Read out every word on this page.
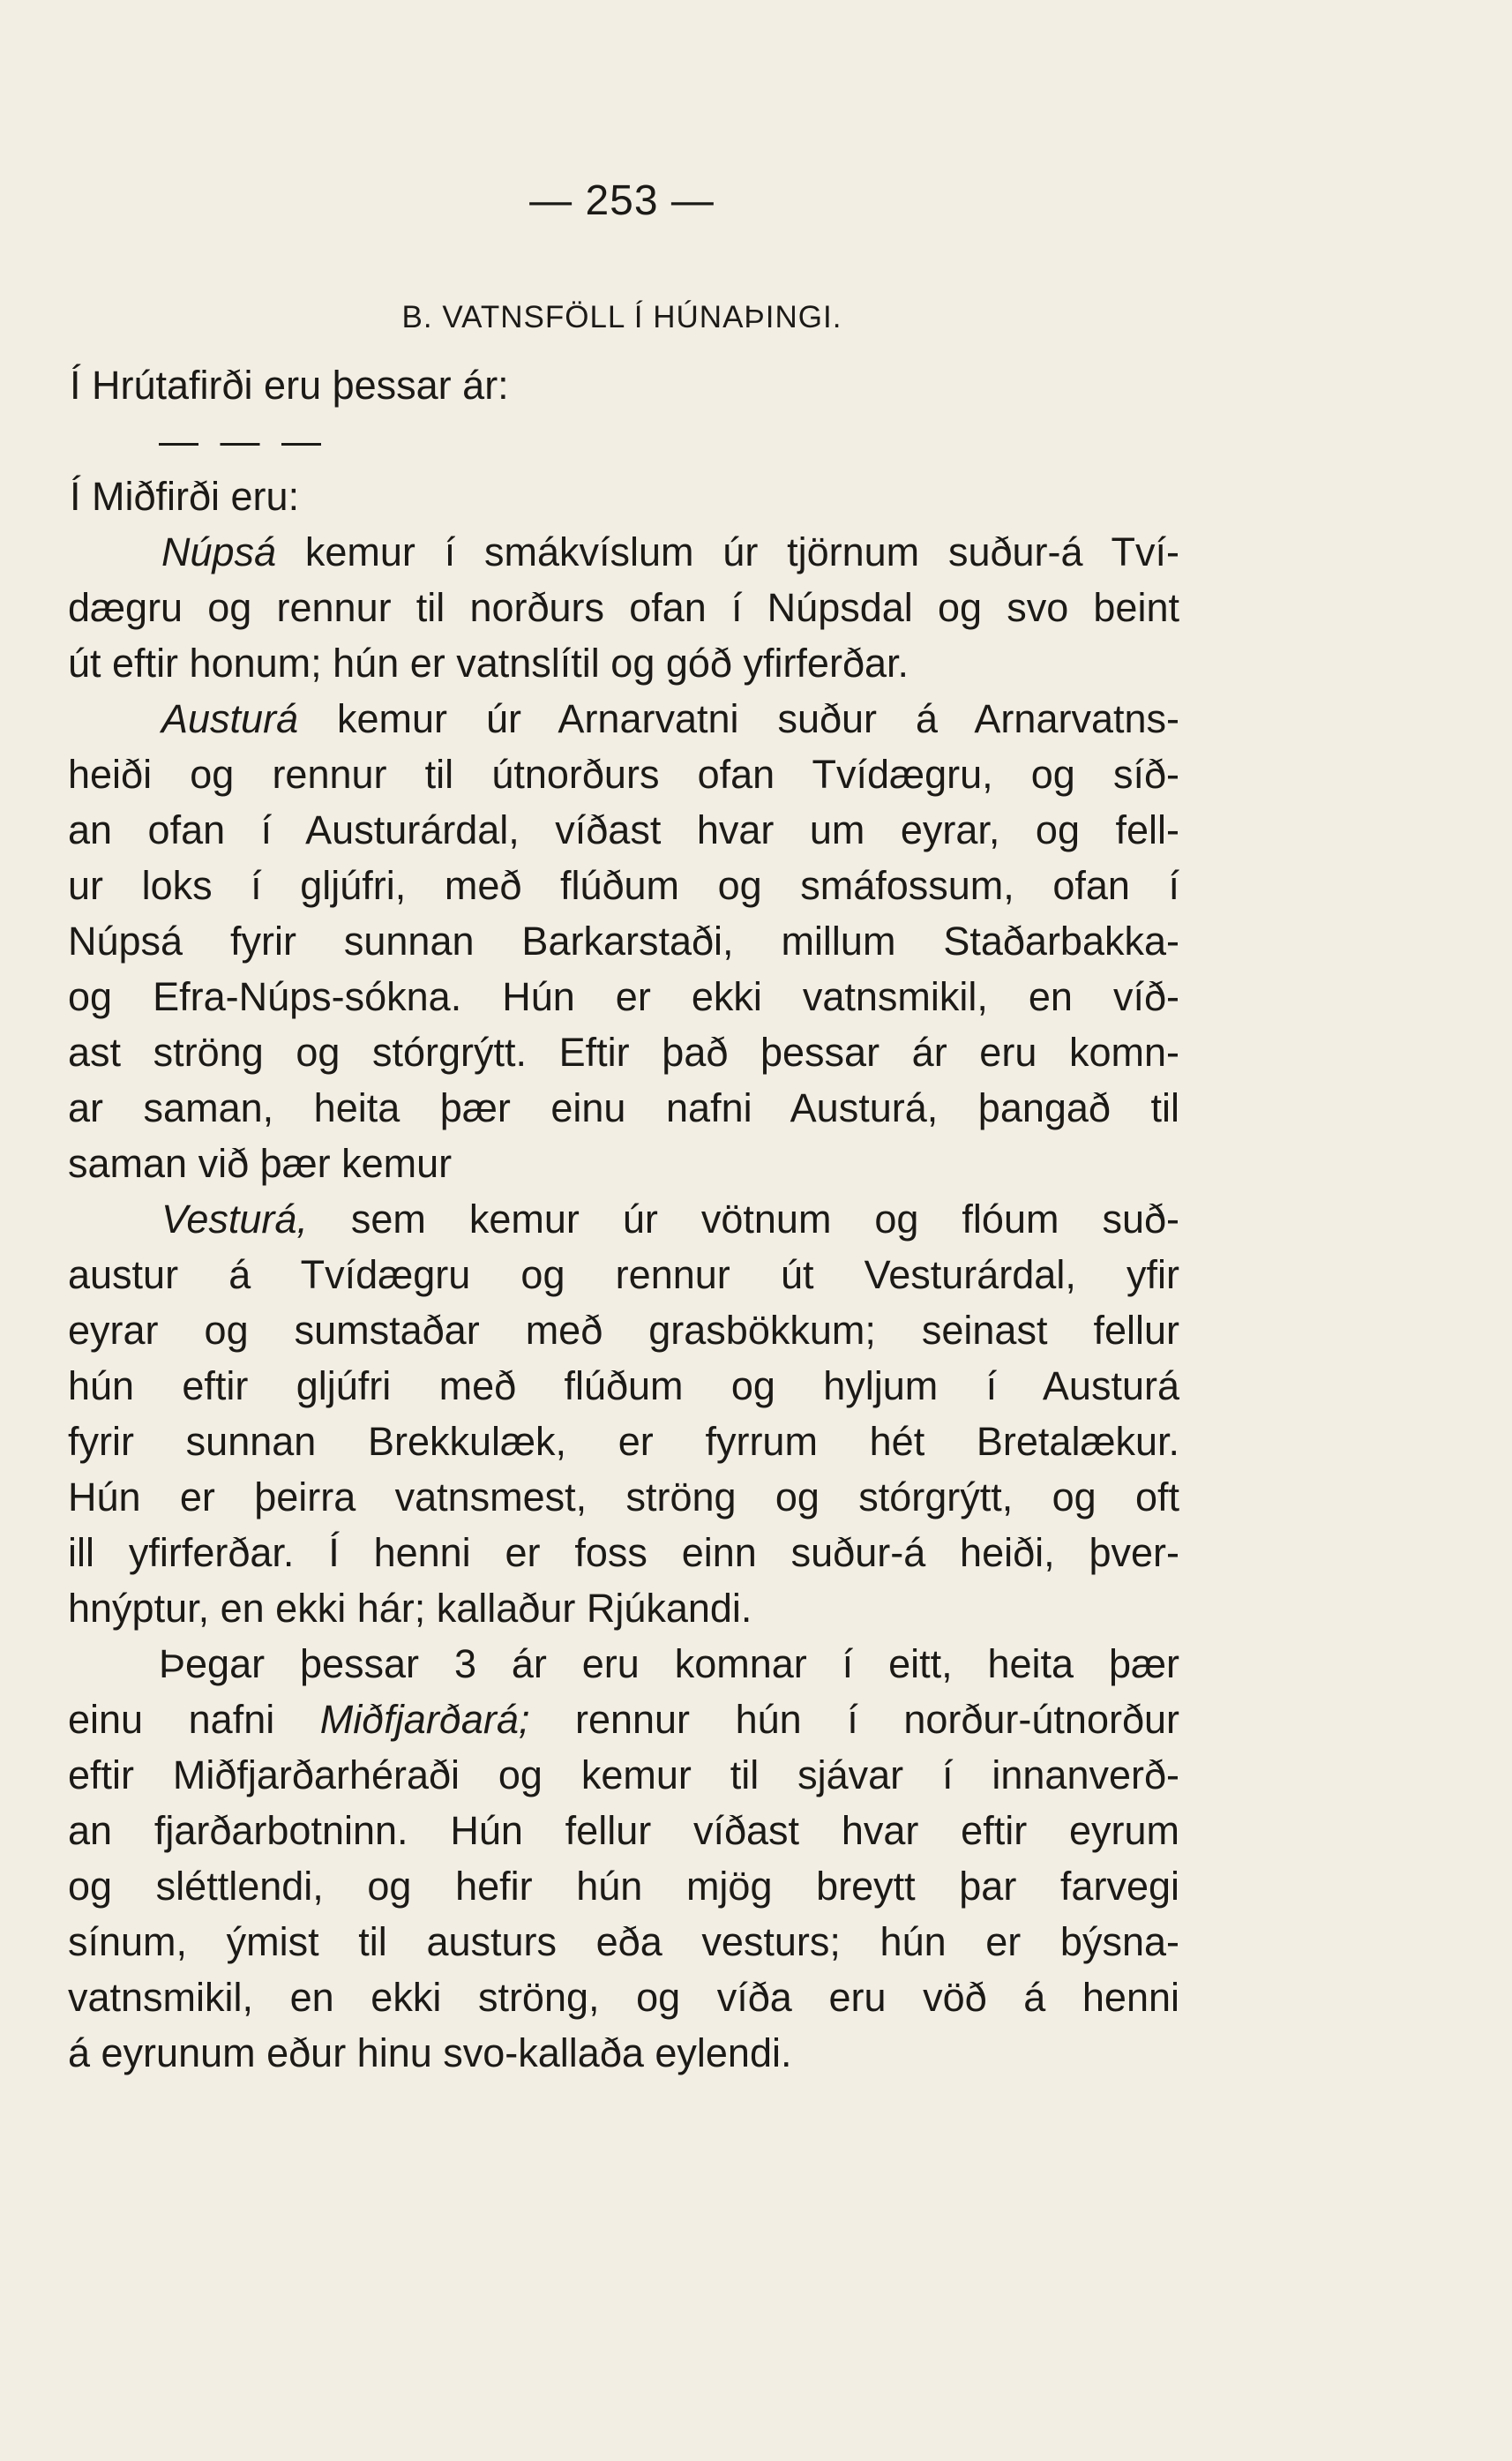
— 253 —
B. VATNSFÖLL Í HÚNAÞINGI.
Í Hrútafirði eru þessar ár:
— — —
Í Miðfirði eru:
Núpsá kemur í smákvíslum úr tjörnum suður-á Tví-
dægru og rennur til norðurs ofan í Núpsdal og svo beint
út eftir honum; hún er vatnslítil og góð yfirferðar.
Austurá kemur úr Arnarvatni suður á Arnarvatns-
heiði og rennur til útnorðurs ofan Tvídægru, og síð-
an ofan í Austurárdal, víðast hvar um eyrar, og fell-
ur loks í gljúfri, með flúðum og smáfossum, ofan í
Núpsá fyrir sunnan Barkarstaði, millum Staðarbakka-
og Efra-Núps-sókna. Hún er ekki vatnsmikil, en víð-
ast ströng og stórgrýtt. Eftir það þessar ár eru komn-
ar saman, heita þær einu nafni Austurá, þangað til
saman við þær kemur
Vesturá, sem kemur úr vötnum og flóum suð-
austur á Tvídægru og rennur út Vesturárdal, yfir
eyrar og sumstaðar með grasbökkum; seinast fellur
hún eftir gljúfri með flúðum og hyljum í Austurá
fyrir sunnan Brekkulæk, er fyrrum hét Bretalækur.
Hún er þeirra vatnsmest, ströng og stórgrýtt, og oft
ill yfirferðar. Í henni er foss einn suður-á heiði, þver-
hnýptur, en ekki hár; kallaður Rjúkandi.
Þegar þessar 3 ár eru komnar í eitt, heita þær
einu nafni Miðfjarðará; rennur hún í norður-útnorður
eftir Miðfjarðarhéraði og kemur til sjávar í innanverð-
an fjarðarbotninn. Hún fellur víðast hvar eftir eyrum
og sléttlendi, og hefir hún mjög breytt þar farvegi
sínum, ýmist til austurs eða vesturs; hún er býsna-
vatnsmikil, en ekki ströng, og víða eru vöð á henni
á eyrunum eður hinu svo-kallaða eylendi.
